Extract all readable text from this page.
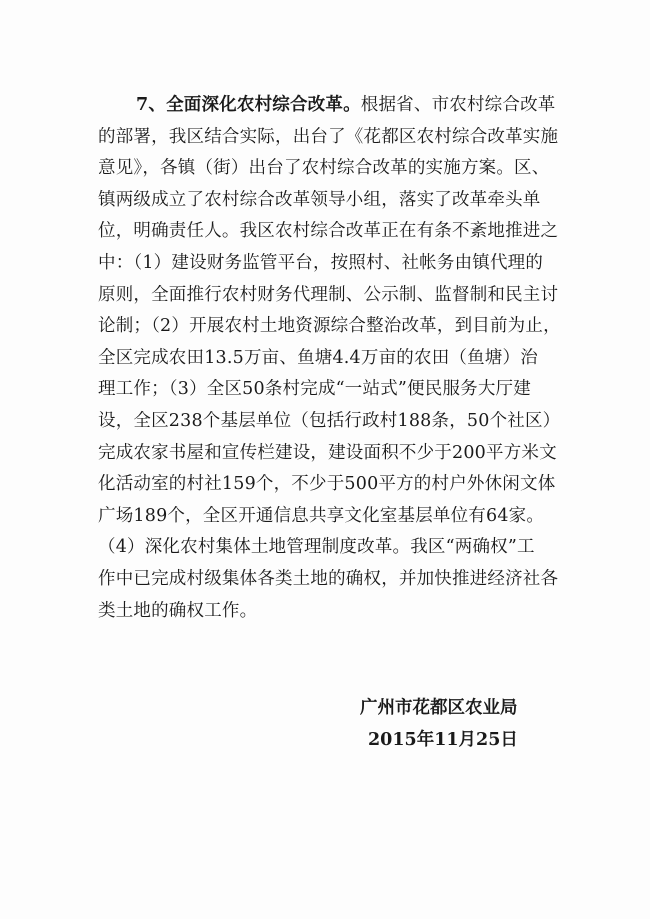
7、全面深化农村综合改革。根据省、市农村综合改革
的部署，我区结合实际，出台了《花都区农村综合改革实施
意见》，各镇（街）出台了农村综合改革的实施方案。区、
镇两级成立了农村综合改革领导小组，落实了改革牵头单
位，明确责任人。我区农村综合改革正在有条不紊地推进之
中：（1）建设财务监管平台，按照村、社帐务由镇代理的
原则，全面推行农村财务代理制、公示制、监督制和民主讨
论制；（2）开展农村土地资源综合整治改革，到目前为止，
全区完成农田13.5万亩、鱼塘4.4万亩的农田（鱼塘）治
理工作；（3）全区50条村完成“一站式”便民服务大厅建
设，全区238个基层单位（包括行政村188条，50个社区）
完成农家书屋和宣传栏建设，建设面积不少于200平方米文
化活动室的村社159个，不少于500平方的村户外休闲文体
广场189个，全区开通信息共享文化室基层单位有64家。
（4）深化农村集体土地管理制度改革。我区“两确权”工
作中已完成村级集体各类土地的确权，并加快推进经济社各
类土地的确权工作。
广州市花都区农业局
2015年11月25日
